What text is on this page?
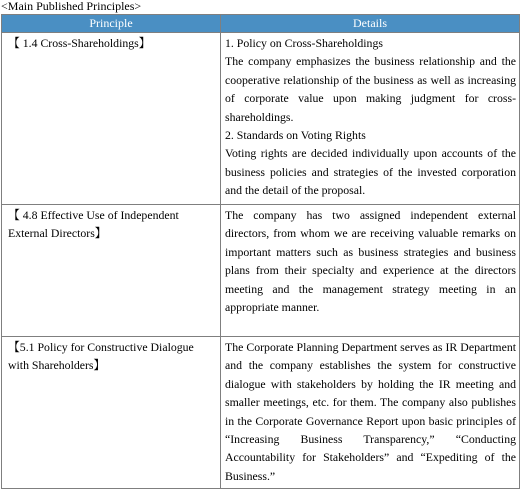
<Main Published Principles>
Principle	Details
【 1.4 Cross-Shareholdings】	1. Policy on Cross-Shareholdings
The company emphasizes the business relationship and the cooperative relationship of the business as well as increasing of corporate value upon making judgment for cross-shareholdings.
2. Standards on Voting Rights
Voting rights are decided individually upon accounts of the business policies and strategies of the invested corporation and the detail of the proposal.

【 4.8 Effective Use of Independent External Directors】	The company has two assigned independent external directors, from whom we are receiving valuable remarks on important matters such as business strategies and business plans from their specialty and experience at the directors meeting and the management strategy meeting in an appropriate manner.

【5.1 Policy for Constructive Dialogue with Shareholders】	The Corporate Planning Department serves as IR Department and the company establishes the system for constructive dialogue with stakeholders by holding the IR meeting and smaller meetings, etc. for them. The company also publishes in the Corporate Governance Report upon basic principles of “Increasing Business Transparency,” “Conducting Accountability for Stakeholders” and “Expediting of the Business.”
